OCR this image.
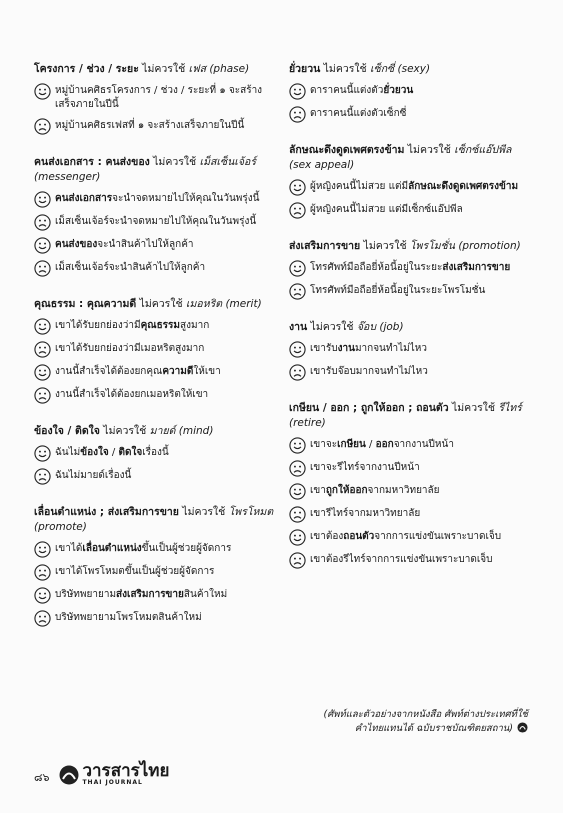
โครงการ / ช่วง / ระยะ ไม่ควรใช้ เฟส (phase)
หมู่บ้านคศิธรโครงการ / ช่วง / ระยะที่ ๑ จะสร้างเสร็จภายในปีนี้
หมู่บ้านคศิธรเฟสที่ ๑ จะสร้างเสร็จภายในปีนี้
คนส่งเอกสาร : คนส่งของ ไม่ควรใช้ เม็สเซ็นเจ้อร์ (messenger)
คนส่งเอกสารจะนำจดหมายไปให้คุณในวันพรุ่งนี้
เม็สเซ็นเจ้อร์จะนำจดหมายไปให้คุณในวันพรุ่งนี้
คนส่งของจะนำสินค้าไปให้ลูกค้า
เม็สเซ็นเจ้อร์จะนำสินค้าไปให้ลูกค้า
คุณธรรม : คุณความดี ไม่ควรใช้ เมอหริต (merit)
เขาได้รับยกย่องว่ามีคุณธรรมสูงมาก
เขาได้รับยกย่องว่ามีเมอหริตสูงมาก
งานนี้สำเร็จได้ต้องยกคุณความดีให้เขา
งานนี้สำเร็จได้ต้องยกเมอหริตให้เขา
ข้องใจ / ติดใจ ไม่ควรใช้ มายด์ (mind)
ฉันไม่ข้องใจ / ติดใจเรื่องนี้
ฉันไม่มายด์เรื่องนี้
เลื่อนตำแหน่ง ; ส่งเสริมการขาย ไม่ควรใช้ โพรโหมต (promote)
เขาได้เลื่อนตำแหน่งขึ้นเป็นผู้ช่วยผู้จัดการ
เขาได้โพรโหมตขึ้นเป็นผู้ช่วยผู้จัดการ
บริษัทพยายามส่งเสริมการขายสินค้าใหม่
บริษัทพยายามโพรโหมตสินค้าใหม่
ยั่วยวน ไม่ควรใช้ เซ็กซี่ (sexy)
ดาราคนนี้แต่งตัวยั่วยวน
ดาราคนนี้แต่งตัวเซ็กซี่
ลักษณะดึงดูดเพศตรงข้าม ไม่ควรใช้ เซ็กซ์แอ๊ปพีล (sex appeal)
ผู้หญิงคนนี้ไม่สวย แต่มีลักษณะดึงดูดเพศตรงข้าม
ผู้หญิงคนนี้ไม่สวย แต่มีเซ็กซ์แอ๊ปพีล
ส่งเสริมการขาย ไม่ควรใช้ โพรโมชั่น (promotion)
โทรศัพท์มือถือยี่ห้อนี้อยู่ในระยะส่งเสริมการขาย
โทรศัพท์มือถือยี่ห้อนี้อยู่ในระยะโพรโมชั่น
งาน ไม่ควรใช้ จ๊อบ (job)
เขารับงานมากจนทำไม่ไหว
เขารับจ๊อบมากจนทำไม่ไหว
เกษียน / ออก ; ถูกให้ออก ; ถอนตัว ไม่ควรใช้ รีไทร์ (retire)
เขาจะเกษียน / ออกจากงานปีหน้า
เขาจะรีไทร์จากงานปีหน้า
เขาถูกให้ออกจากมหาวิทยาลัย
เขารีไทร์จากมหาวิทยาลัย
เขาต้องถอนตัวจากการแข่งขันเพราะบาดเจ็บ
เขาต้องรีไทร์จากการแข่งขันเพราะบาดเจ็บ
(ศัพท์และตัวอย่างจากหนังสือ ศัพท์ต่างประเทศที่ใช้คำไทยแทนได้ ฉบับราชบัณฑิตยสถาน)
๘๖ วารสารไทย
THAI JOURNAL
